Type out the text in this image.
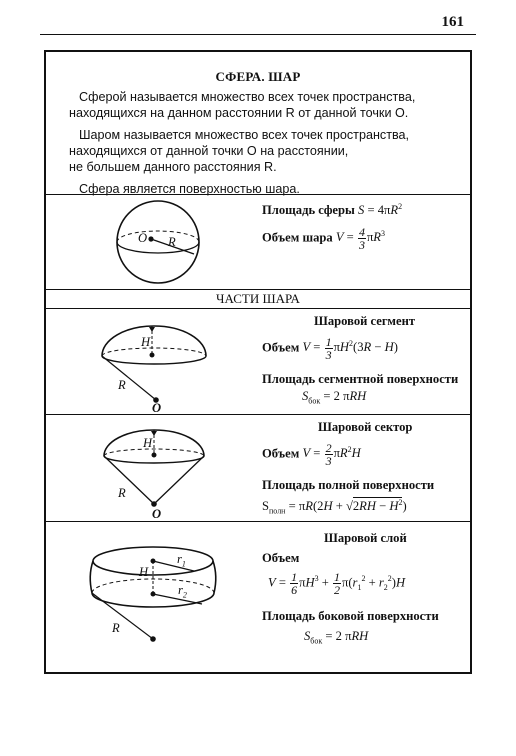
161
СФЕРА. ШАР

Сферой называется множество всех точек пространства,

находящихся на данном расстоянии R от данной точки O.

Шаром называется множество всех точек пространства,

находящихся от данной точки O на расстоянии,

не большем данного расстояния R.

Сфера является поверхностью шара.

O R
Площадь сферы $S = 4\pi R^2$
Объем шара $V = \frac{4}{3} \pi R^3$
ЧАСТИ ШАРА
H
R
O
Шаровой сегмент
Объем $V = \frac{1}{3} \pi H^2(3R - H)$
Площадь сегментной поверхности
$S_{бок} = 2$ πRH
H
R
O
Шаровой сектор
Объем $V = \frac{2}{3} \pi R^2H$
Площадь полной поверхности
$S_{полн} = \pi R(2H + √2RH - H^2)$
H
$r_1$
$r_2$
R
Шаровой слой
Объем
$V = \frac{1}{6} \pi H^3 + \frac{1}{2} \pi(r_1^2 + r_2^2)H$
Площадь боковой поверхности
$S_{бок} = 2$ πRH
